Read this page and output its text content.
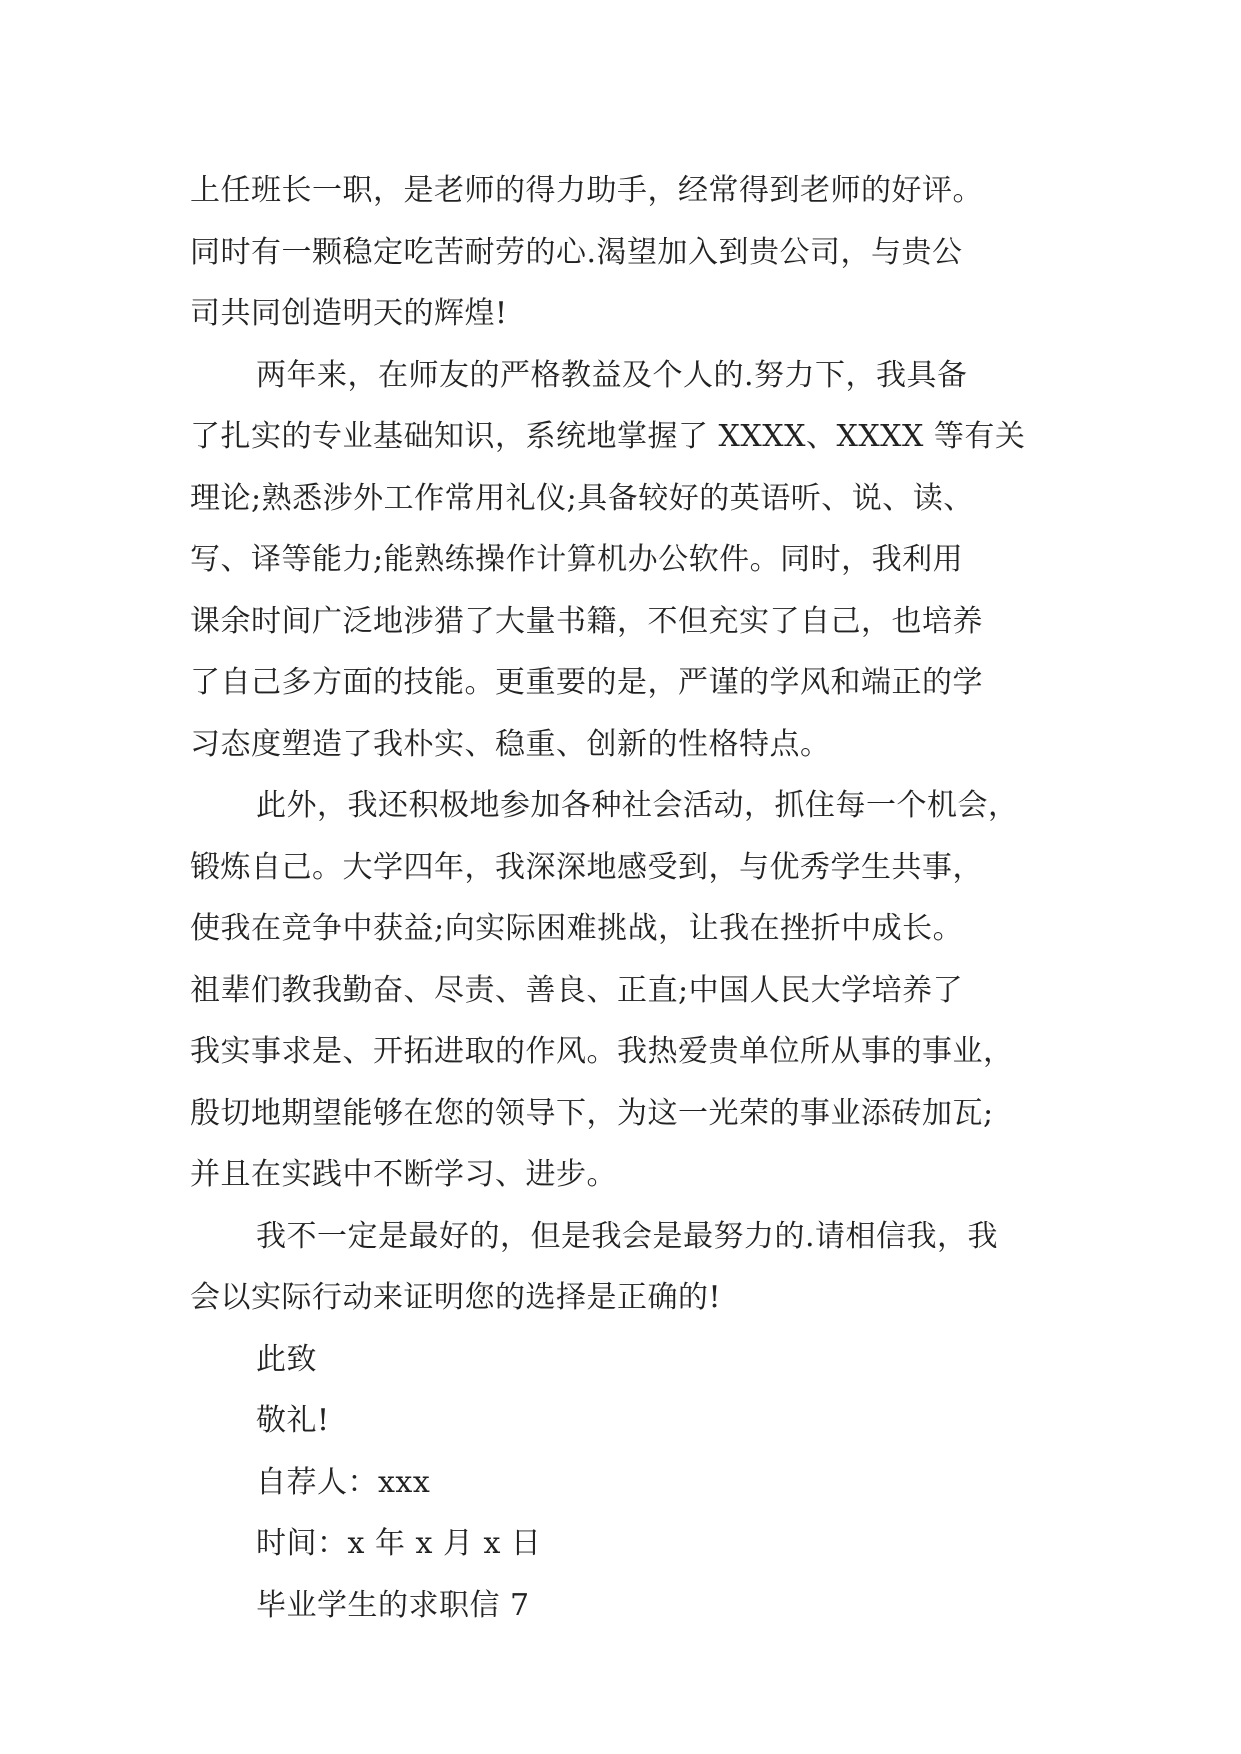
上任班长一职，是老师的得力助手，经常得到老师的好评。
同时有一颗稳定吃苦耐劳的心.渴望加入到贵公司，与贵公
司共同创造明天的辉煌!
两年来，在师友的严格教益及个人的.努力下，我具备
了扎实的专业基础知识，系统地掌握了 XXXX、XXXX 等有关
理论;熟悉涉外工作常用礼仪;具备较好的英语听、说、读、
写、译等能力;能熟练操作计算机办公软件。同时，我利用
课余时间广泛地涉猎了大量书籍，不但充实了自己，也培养
了自己多方面的技能。更重要的是，严谨的学风和端正的学
习态度塑造了我朴实、稳重、创新的性格特点。
此外，我还积极地参加各种社会活动，抓住每一个机会，
锻炼自己。大学四年，我深深地感受到，与优秀学生共事，
使我在竞争中获益;向实际困难挑战，让我在挫折中成长。
祖辈们教我勤奋、尽责、善良、正直;中国人民大学培养了
我实事求是、开拓进取的作风。我热爱贵单位所从事的事业，
殷切地期望能够在您的领导下，为这一光荣的事业添砖加瓦;
并且在实践中不断学习、进步。
我不一定是最好的，但是我会是最努力的.请相信我，我
会以实际行动来证明您的选择是正确的!
此致
敬礼!
自荐人：xxx
时间：x 年 x 月 x 日
毕业学生的求职信 7
